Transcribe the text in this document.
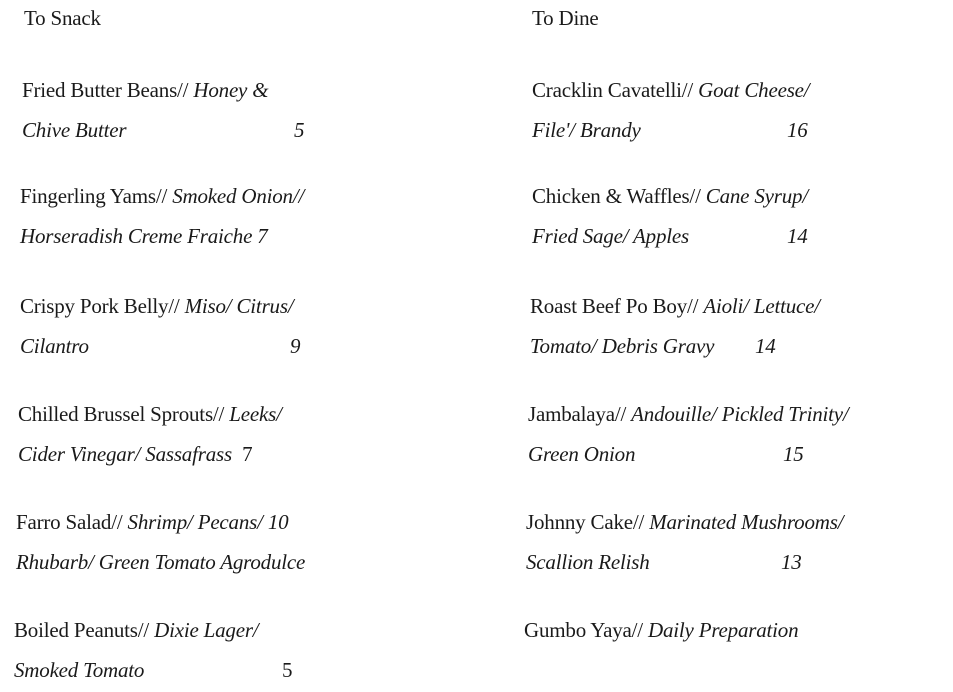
To Snack	To Dine
Fried Butter Beans// Honey &
Chive Butter	5
Fingerling Yams// Smoked Onion//
Horseradish Creme Fraiche 7
Crispy Pork Belly// Miso/ Citrus/
Cilantro	9
Chilled Brussel Sprouts// Leeks/
Cider Vinegar/ Sassafrass 7
Farro Salad// Shrimp/ Pecans/ 10
Rhubarb/ Green Tomato Agrodulce
Boiled Peanuts// Dixie Lager/
Smoked Tomato	5
Cracklin Cavatelli// Goat Cheese/
File'/ Brandy	16
Chicken & Waffles// Cane Syrup/
Fried Sage/ Apples	14
Roast Beef Po Boy// Aioli/ Lettuce/
Tomato/ Debris Gravy 14
Jambalaya// Andouille/ Pickled Trinity/
Green Onion	15
Johnny Cake// Marinated Mushrooms/
Scallion Relish	13
Gumbo Yaya// Daily Preparation
